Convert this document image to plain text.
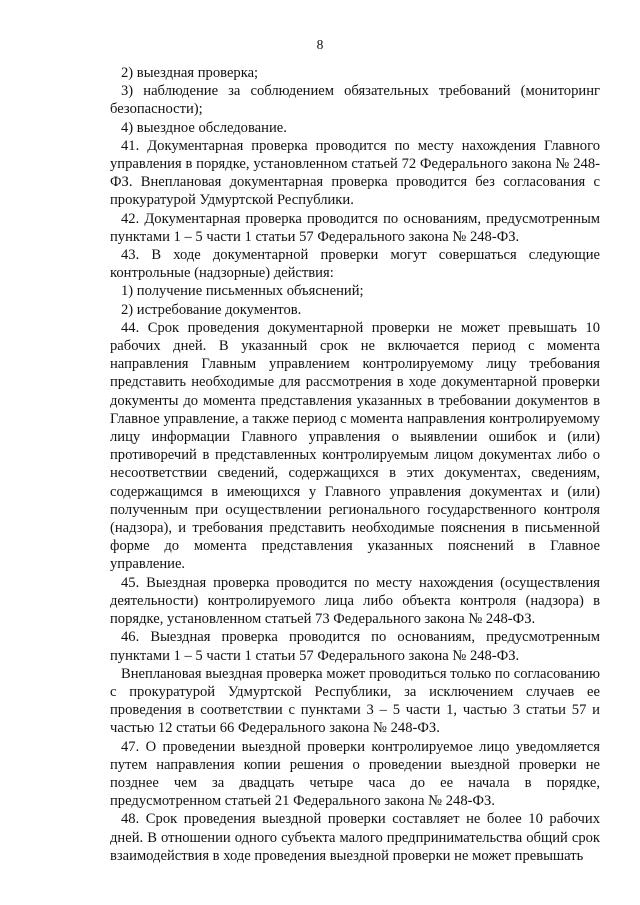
8

2) выездная проверка;

3) наблюдение за соблюдением обязательных требований (мониторинг безопасности);

4) выездное обследование.

41. Документарная проверка проводится по месту нахождения Главного управления в порядке, установленном статьей 72 Федерального закона № 248-ФЗ. Внеплановая документарная проверка проводится без согласования с прокуратурой Удмуртской Республики.

42. Документарная проверка проводится по основаниям, предусмотренным пунктами 1 – 5 части 1 статьи 57 Федерального закона № 248-ФЗ.

43. В ходе документарной проверки могут совершаться следующие контрольные (надзорные) действия:

1) получение письменных объяснений;

2) истребование документов.

44. Срок проведения документарной проверки не может превышать 10 рабочих дней. В указанный срок не включается период с момента направления Главным управлением контролируемому лицу требования представить необходимые для рассмотрения в ходе документарной проверки документы до момента представления указанных в требовании документов в Главное управление, а также период с момента направления контролируемому лицу информации Главного управления о выявлении ошибок и (или) противоречий в представленных контролируемым лицом документах либо о несоответствии сведений, содержащихся в этих документах, сведениям, содержащимся в имеющихся у Главного управления документах и (или) полученным при осуществлении регионального государственного контроля (надзора), и требования представить необходимые пояснения в письменной форме до момента представления указанных пояснений в Главное управление.

45. Выездная проверка проводится по месту нахождения (осуществления деятельности) контролируемого лица либо объекта контроля (надзора) в порядке, установленном статьей 73 Федерального закона № 248-ФЗ.

46. Выездная проверка проводится по основаниям, предусмотренным пунктами 1 – 5 части 1 статьи 57 Федерального закона № 248-ФЗ.

Внеплановая выездная проверка может проводиться только по согласованию с прокуратурой Удмуртской Республики, за исключением случаев ее проведения в соответствии с пунктами 3 – 5 части 1, частью 3 статьи 57 и частью 12 статьи 66 Федерального закона № 248-ФЗ.

47. О проведении выездной проверки контролируемое лицо уведомляется путем направления копии решения о проведении выездной проверки не позднее чем за двадцать четыре часа до ее начала в порядке, предусмотренном статьей 21 Федерального закона № 248-ФЗ.

48. Срок проведения выездной проверки составляет не более 10 рабочих дней. В отношении одного субъекта малого предпринимательства общий срок взаимодействия в ходе проведения выездной проверки не может превышать
